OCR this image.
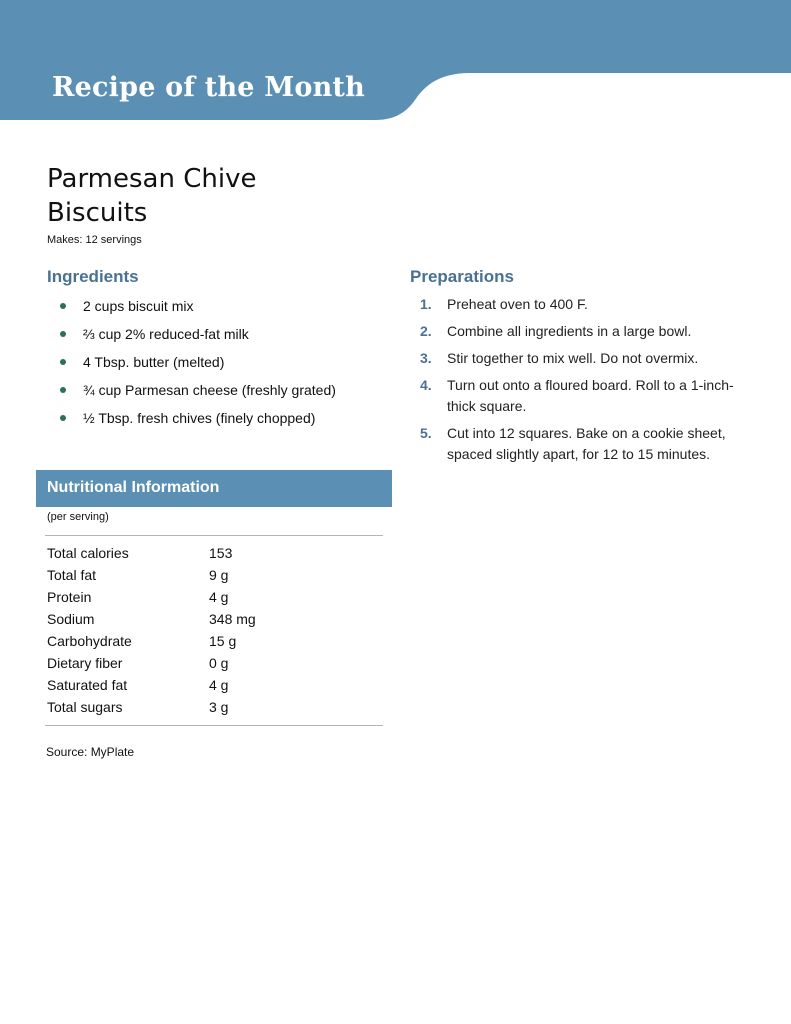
Recipe of the Month
Parmesan Chive Biscuits
Makes: 12 servings
Ingredients
2 cups biscuit mix
⅔ cup 2% reduced-fat milk
4 Tbsp. butter (melted)
¾ cup Parmesan cheese (freshly grated)
½ Tbsp. fresh chives (finely chopped)
Preparations
1. Preheat oven to 400 F.
2. Combine all ingredients in a large bowl.
3. Stir together to mix well. Do not overmix.
4. Turn out onto a floured board. Roll to a 1-inch-thick square.
5. Cut into 12 squares. Bake on a cookie sheet, spaced slightly apart, for 12 to 15 minutes.
Nutritional Information
(per serving)
Total calories	153
Total fat	9 g
Protein	4 g
Sodium	348 mg
Carbohydrate	15 g
Dietary fiber	0 g
Saturated fat	4 g
Total sugars	3 g
Source: MyPlate
